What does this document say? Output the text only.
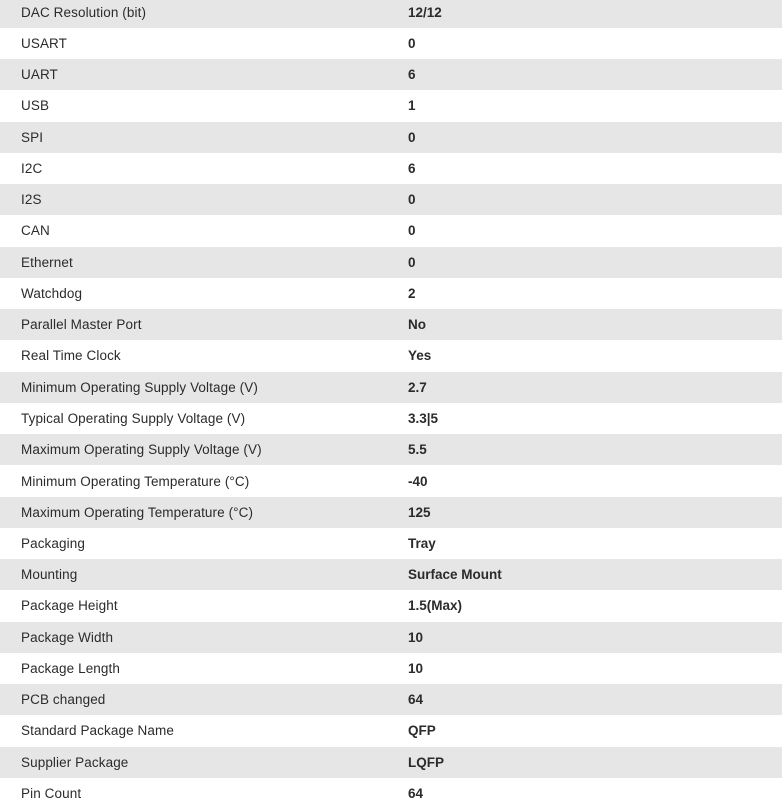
DAC Resolution (bit)	12/12
USART	0
UART	6
USB	1
SPI	0
I2C	6
I2S	0
CAN	0
Ethernet	0
Watchdog	2
Parallel Master Port	No
Real Time Clock	Yes
Minimum Operating Supply Voltage (V)	2.7
Typical Operating Supply Voltage (V)	3.3|5
Maximum Operating Supply Voltage (V)	5.5
Minimum Operating Temperature (°C)	-40
Maximum Operating Temperature (°C)	125
Packaging	Tray
Mounting	Surface Mount
Package Height	1.5(Max)
Package Width	10
Package Length	10
PCB changed	64
Standard Package Name	QFP
Supplier Package	LQFP
Pin Count	64
